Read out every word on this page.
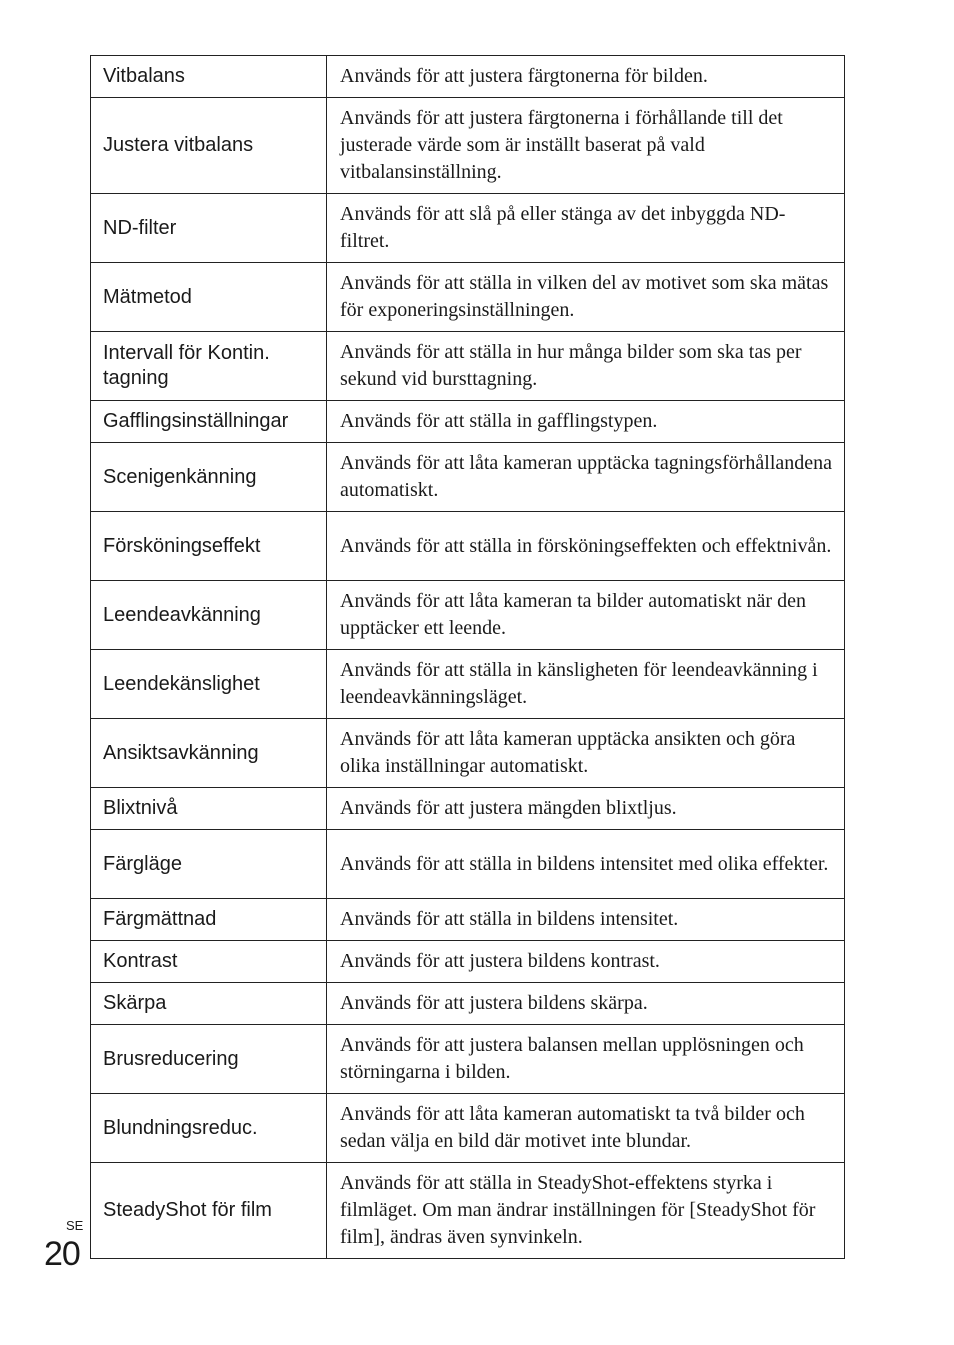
Vitbalans	Används för att justera färgtonerna för bilden.
Justera vitbalans	Används för att justera färgtonerna i förhållande till det justerade värde som är inställt baserat på vald vitbalansinställning.
ND-filter	Används för att slå på eller stänga av det inbyggda ND-filtret.
Mätmetod	Används för att ställa in vilken del av motivet som ska mätas för exponeringsinställningen.
Intervall för Kontin. tagning	Används för att ställa in hur många bilder som ska tas per sekund vid bursttagning.
Gafflingsinställningar	Används för att ställa in gafflingstypen.
Scenigenkänning	Används för att låta kameran upptäcka tagningsförhållandena automatiskt.
Försköningseffekt	Används för att ställa in försköningseffekten och effektnivån.
Leendeavkänning	Används för att låta kameran ta bilder automatiskt när den upptäcker ett leende.
Leendekänslighet	Används för att ställa in känsligheten för leendeavkänning i leendeavkänningsläget.
Ansiktsavkänning	Används för att låta kameran upptäcka ansikten och göra olika inställningar automatiskt.
Blixtnivå	Används för att justera mängden blixtljus.
Färgläge	Används för att ställa in bildens intensitet med olika effekter.
Färgmättnad	Används för att ställa in bildens intensitet.
Kontrast	Används för att justera bildens kontrast.
Skärpa	Används för att justera bildens skärpa.
Brusreducering	Används för att justera balansen mellan upplösningen och störningarna i bilden.
Blundningsreduc.	Används för att låta kameran automatiskt ta två bilder och sedan välja en bild där motivet inte blundar.
SteadyShot för film	Används för att ställa in SteadyShot-effektens styrka i filmläget. Om man ändrar inställningen för [SteadyShot för film], ändras även synvinkeln.
SE
20
